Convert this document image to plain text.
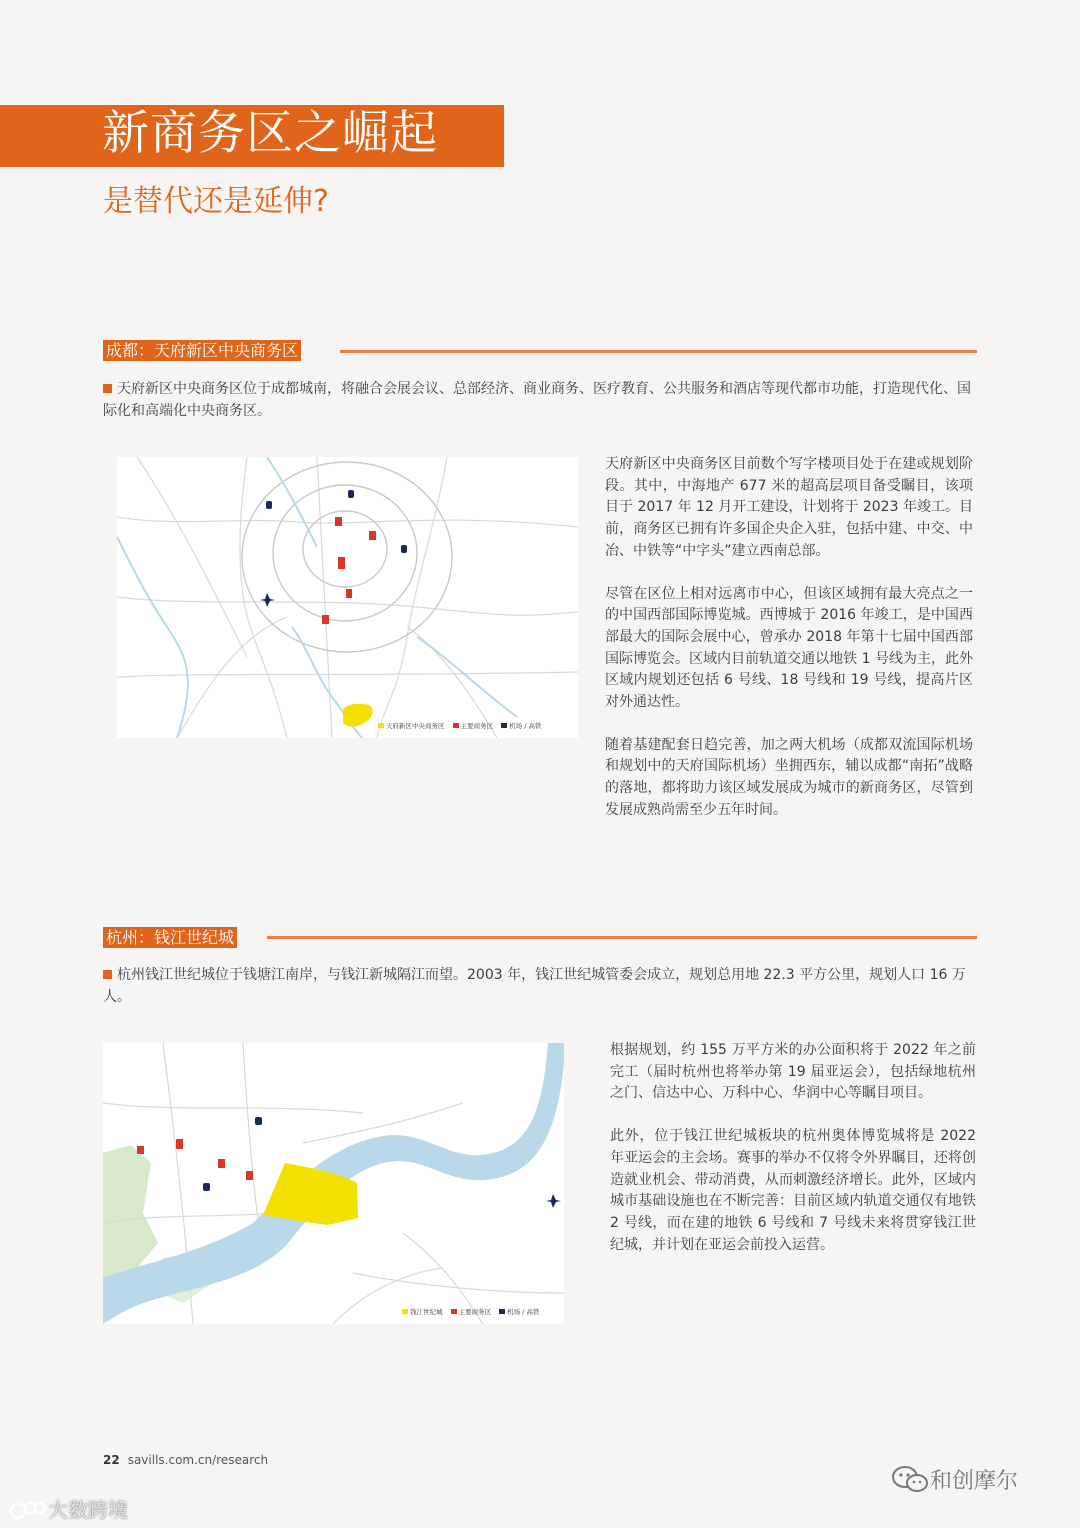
新商务区之崛起
是替代还是延伸?
成都：天府新区中央商务区
天府新区中央商务区位于成都城南，将融合会展会议、总部经济、商业商务、医疗教育、公共服务和酒店等现代都市功能，打造现代化、国际化和高端化中央商务区。
天府新区中央商务区 主要商务区 机场 / 高铁

天府新区中央商务区目前数个写字楼项目处于在建或规划阶段。其中，中海地产 677 米的超高层项目备受瞩目，该项目于 2017 年 12 月开工建设，计划将于 2023 年竣工。目前，商务区已拥有许多国企央企入驻，包括中建、中交、中冶、中铁等“中字头”建立西南总部。

尽管在区位上相对远离市中心，但该区域拥有最大亮点之一的中国西部国际博览城。西博城于 2016 年竣工，是中国西部最大的国际会展中心，曾承办 2018 年第十七届中国西部国际博览会。区域内目前轨道交通以地铁 1 号线为主，此外区域内规划还包括 6 号线、18 号线和 19 号线，提高片区对外通达性。

随着基建配套日趋完善，加之两大机场（成都双流国际机场和规划中的天府国际机场）坐拥西东，辅以成都“南拓”战略的落地，都将助力该区域发展成为城市的新商务区，尽管到发展成熟尚需至少五年时间。

杭州：钱江世纪城
杭州钱江世纪城位于钱塘江南岸，与钱江新城隔江而望。2003 年，钱江世纪城管委会成立，规划总用地 22.3 平方公里，规划人口 16 万人。
钱江世纪城 主要商务区 机场 / 高铁

根据规划，约 155 万平方米的办公面积将于 2022 年之前完工（届时杭州也将举办第 19 届亚运会），包括绿地杭州之门、信达中心、万科中心、华润中心等瞩目项目。

此外，位于钱江世纪城板块的杭州奥体博览城将是 2022 年亚运会的主会场。赛事的举办不仅将令外界瞩目，还将创造就业机会、带动消费，从而刺激经济增长。此外，区域内城市基础设施也在不断完善：目前区域内轨道交通仅有地铁 2 号线，而在建的地铁 6 号线和 7 号线未来将贯穿钱江世纪城，并计划在亚运会前投入运营。

22 savills.com.cn/research
大数跨境
和创摩尔
